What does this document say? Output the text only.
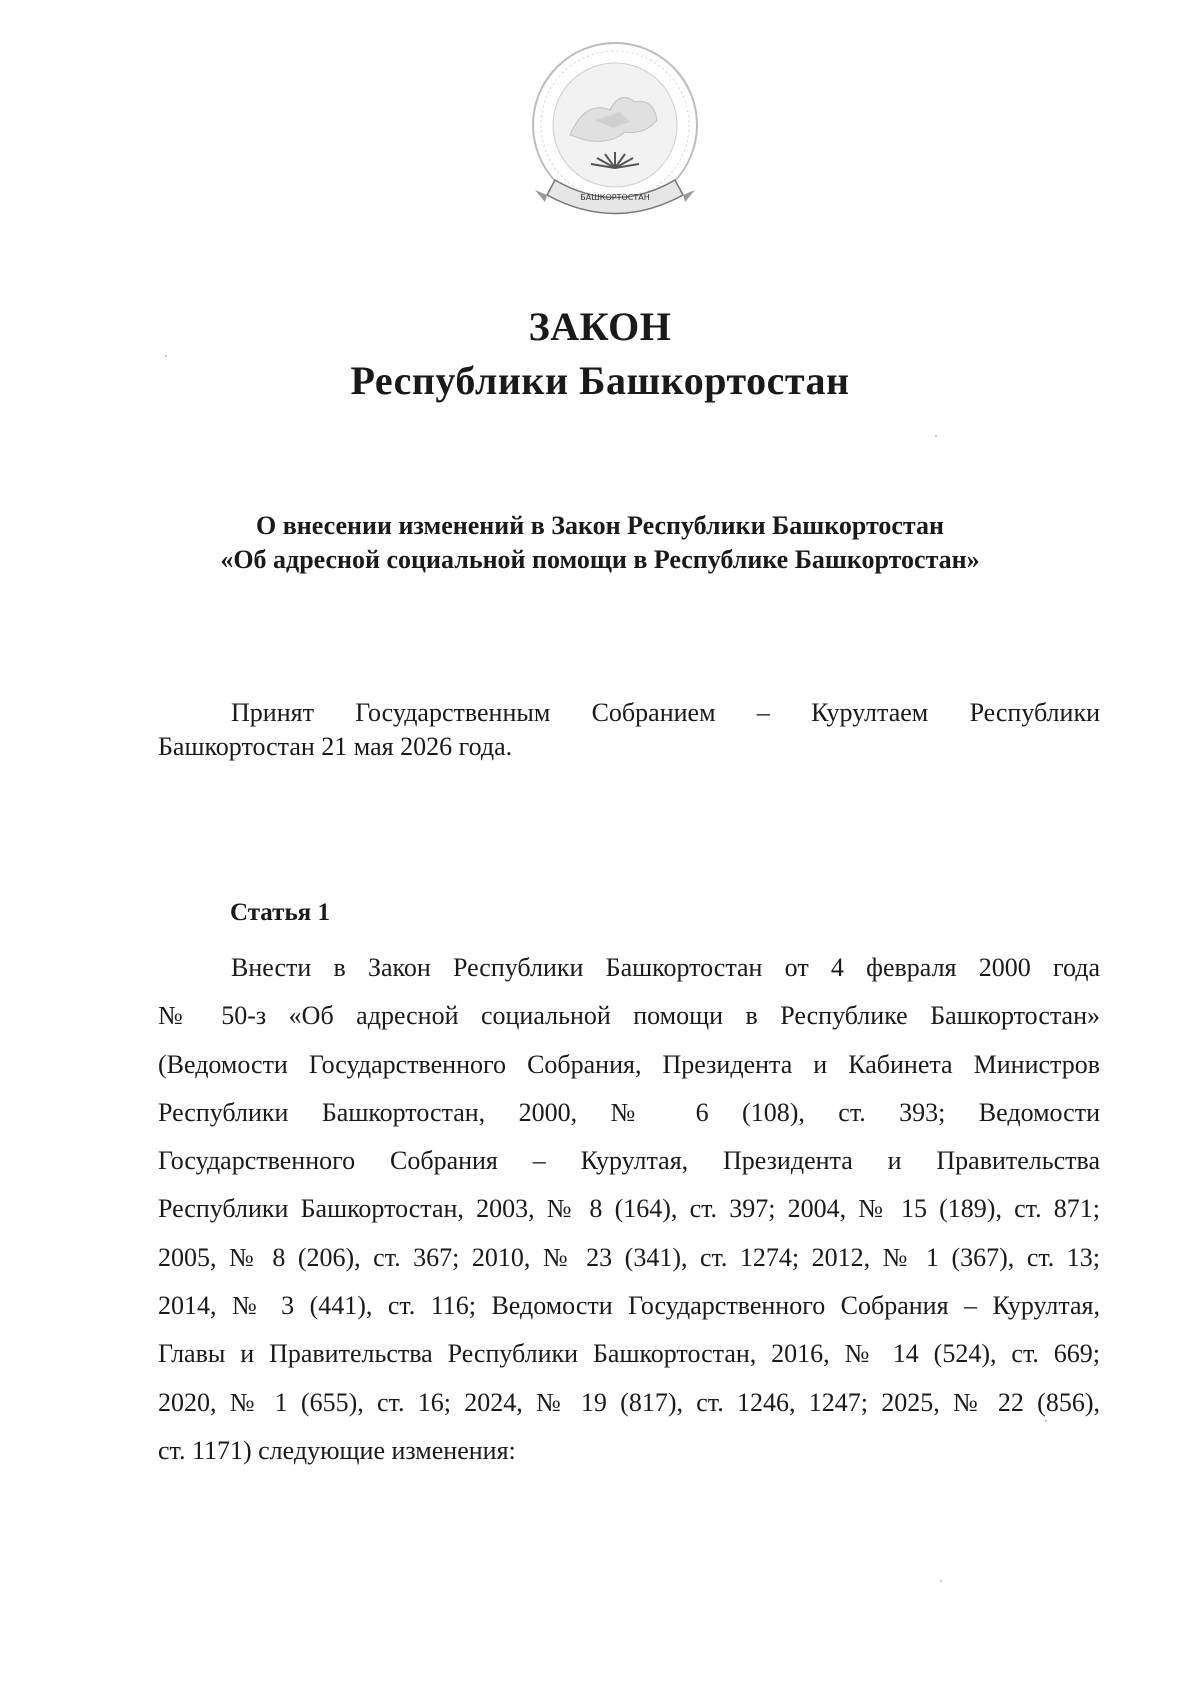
БАШКОРТОСТАН
ЗАКОН
Республики Башкортостан
О внесении изменений в Закон Республики Башкортостан
«Об адресной социальной помощи в Республике Башкортостан»
Принят Государственным Собранием – Курултаем Республики
Башкортостан 21 мая 2026 года.
Статья 1
Внести в Закон Республики Башкортостан от 4 февраля 2000 года
№ 50-з «Об адресной социальной помощи в Республике Башкортостан»
(Ведомости Государственного Собрания, Президента и Кабинета Министров
Республики Башкортостан, 2000, № 6 (108), ст. 393; Ведомости
Государственного Собрания – Курултая, Президента и Правительства
Республики Башкортостан, 2003, № 8 (164), ст. 397; 2004, № 15 (189), ст. 871;
2005, № 8 (206), ст. 367; 2010, № 23 (341), ст. 1274; 2012, № 1 (367), ст. 13;
2014, № 3 (441), ст. 116; Ведомости Государственного Собрания – Курултая,
Главы и Правительства Республики Башкортостан, 2016, № 14 (524), ст. 669;
2020, № 1 (655), ст. 16; 2024, № 19 (817), ст. 1246, 1247; 2025, № 22 (856),
ст. 1171) следующие изменения:
